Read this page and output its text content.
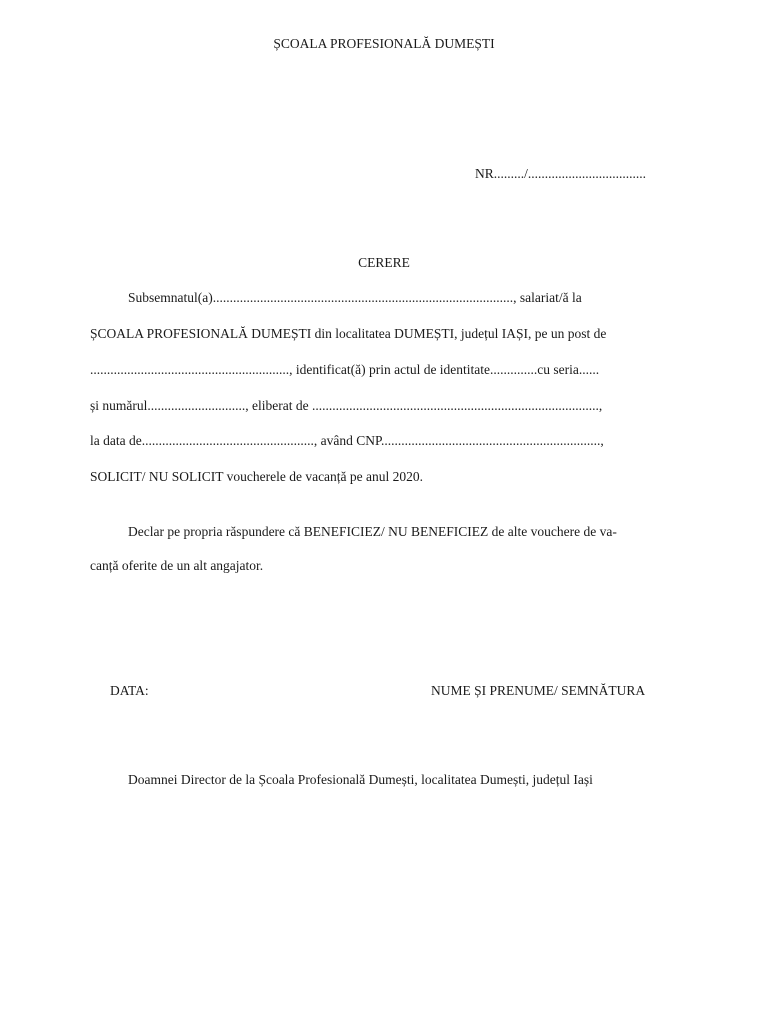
ȘCOALA PROFESIONALĂ DUMEȘTI
NR........./...................................
CERERE
Subsemnatul(a)........................................................................................., salariat/ă la
ȘCOALA PROFESIONALĂ DUMEȘTI din localitatea DUMEȘTI, județul IAȘI, pe un post de
..........................................................., identificat(ă) prin actul de identitate..............cu seria......
și numărul............................., eliberat de .....................................................................................,
la data de..................................................., având CNP.................................................................,
SOLICIT/ NU SOLICIT voucherele de vacanță pe anul 2020.
Declar pe propria răspundere că BENEFICIEZ/ NU BENEFICIEZ de alte vouchere de va-
canță oferite de un alt angajator.
DATA:	NUME ȘI PRENUME/ SEMNĂTURA
Doamnei Director de la Școala Profesională Dumești, localitatea Dumești, județul Iași
